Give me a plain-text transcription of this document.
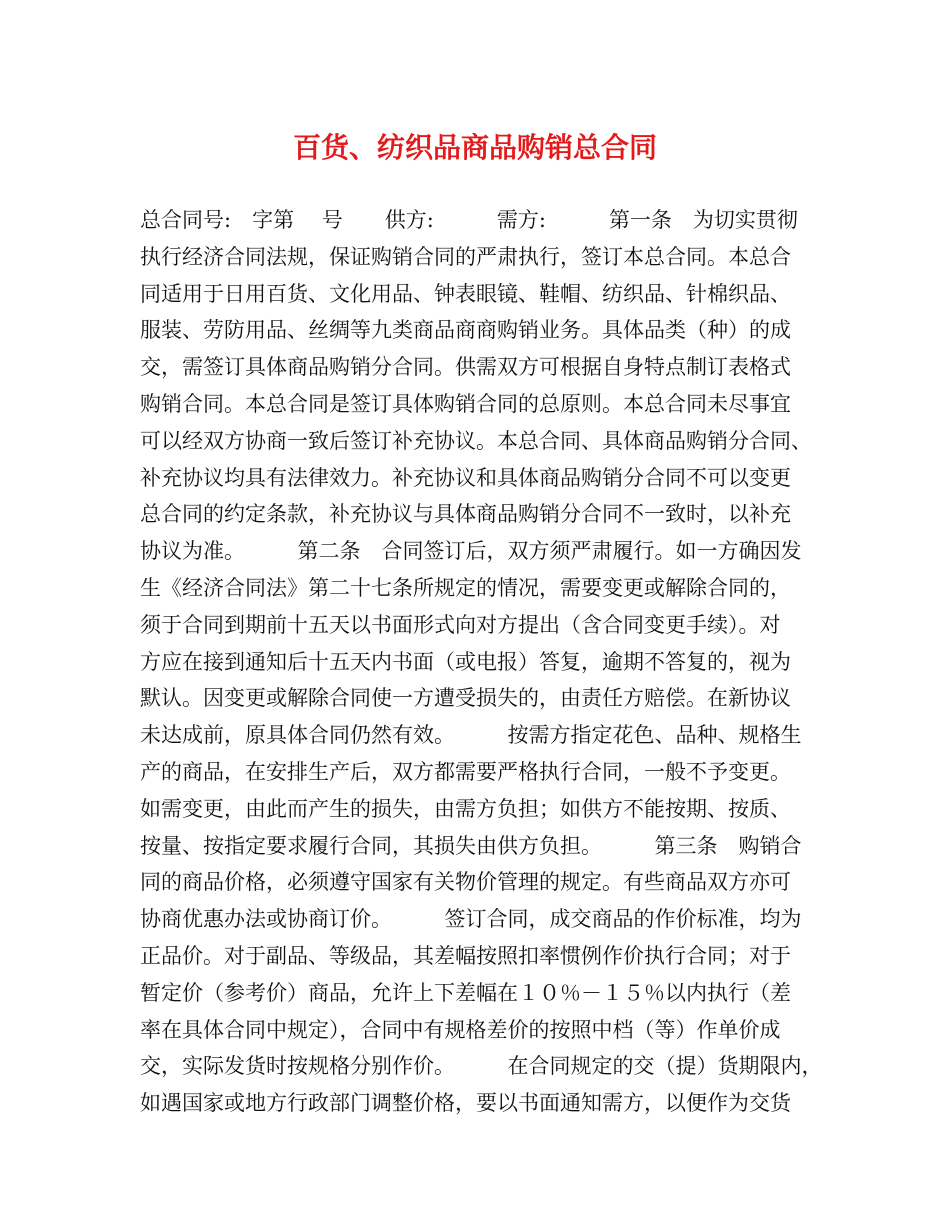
百货、纺织品商品购销总合同
总合同号:　字第　 号　　供方:　　　需方:　　　第一条　为切实贯彻
执行经济合同法规，保证购销合同的严肃执行，签订本总合同。本总合
同适用于日用百货、文化用品、钟表眼镜、鞋帽、纺织品、针棉织品、
服装、劳防用品、丝绸等九类商品商商购销业务。具体品类（种）的成
交，需签订具体商品购销分合同。供需双方可根据自身特点制订表格式
购销合同。本总合同是签订具体购销合同的总原则。本总合同未尽事宜
可以经双方协商一致后签订补充协议。本总合同、具体商品购销分合同、
补充协议均具有法律效力。补充协议和具体商品购销分合同不可以变更
总合同的约定条款，补充协议与具体商品购销分合同不一致时，以补充
协议为准。　　　第二条　合同签订后，双方须严肃履行。如一方确因发
生《经济合同法》第二十七条所规定的情况，需要变更或解除合同的，
须于合同到期前十五天以书面形式向对方提出（含合同变更手续）。对
方应在接到通知后十五天内书面（或电报）答复，逾期不答复的，视为
默认。因变更或解除合同使一方遭受损失的，由责任方赔偿。在新协议
未达成前，原具体合同仍然有效。　　　按需方指定花色、品种、规格生
产的商品，在安排生产后，双方都需要严格执行合同，一般不予变更。
如需变更，由此而产生的损失，由需方负担；如供方不能按期、按质、
按量、按指定要求履行合同，其损失由供方负担。　　　第三条　购销合
同的商品价格，必须遵守国家有关物价管理的规定。有些商品双方亦可
协商优惠办法或协商订价。　　　签订合同，成交商品的作价标准，均为
正品价。对于副品、等级品，其差幅按照扣率惯例作价执行合同；对于
暂定价（参考价）商品，允许上下差幅在１０％－１５％以内执行（差
率在具体合同中规定），合同中有规格差价的按照中档（等）作单价成
交，实际发货时按规格分别作价。　　　在合同规定的交（提）货期限内，
如遇国家或地方行政部门调整价格，要以书面通知需方，以便作为交货
